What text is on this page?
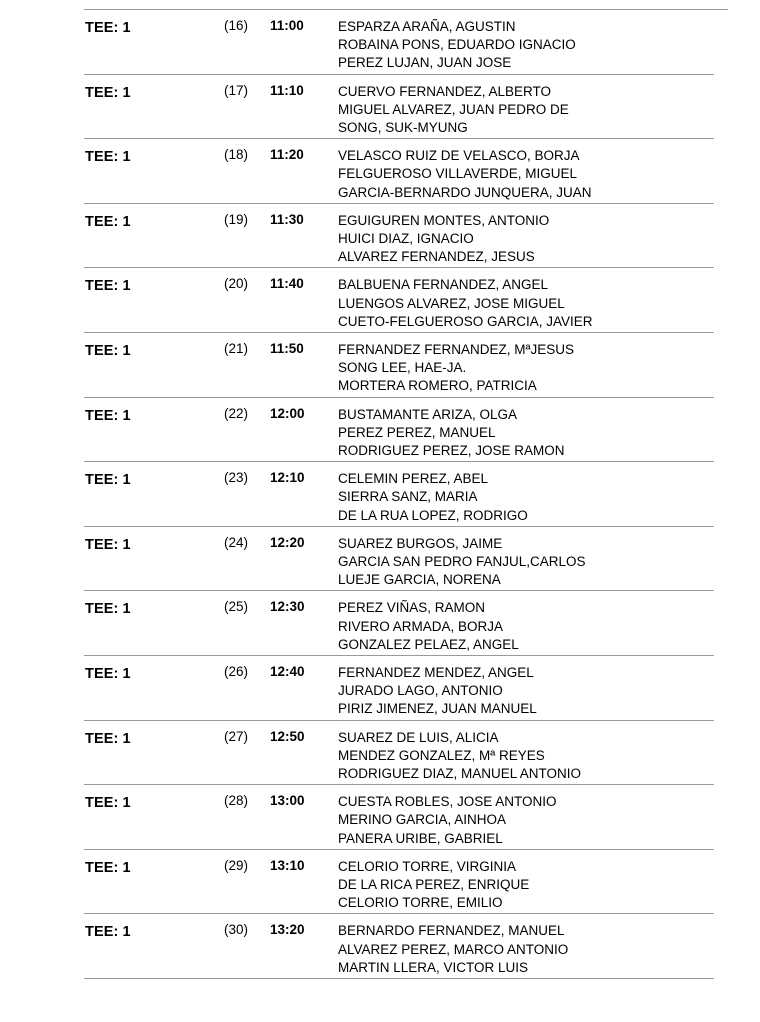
TEE: 1	(16) 11:00	ESPARZA ARAÑA, AGUSTIN
ROBAINA PONS, EDUARDO IGNACIO
PEREZ LUJAN, JUAN JOSE
TEE: 1	(17) 11:10	CUERVO FERNANDEZ, ALBERTO
MIGUEL ALVAREZ, JUAN PEDRO DE
SONG, SUK-MYUNG
TEE: 1	(18) 11:20	VELASCO RUIZ DE VELASCO, BORJA
FELGUEROSO VILLAVERDE, MIGUEL
GARCIA-BERNARDO JUNQUERA, JUAN
TEE: 1	(19) 11:30	EGUIGUREN MONTES, ANTONIO
HUICI DIAZ, IGNACIO
ALVAREZ FERNANDEZ, JESUS
TEE: 1	(20) 11:40	BALBUENA FERNANDEZ, ANGEL
LUENGOS ALVAREZ, JOSE MIGUEL
CUETO-FELGUEROSO GARCIA, JAVIER
TEE: 1	(21) 11:50	FERNANDEZ FERNANDEZ, MªJESUS
SONG LEE, HAE-JA.
MORTERA ROMERO, PATRICIA
TEE: 1	(22) 12:00 BUSTAMANTE ARIZA, OLGA
PEREZ PEREZ, MANUEL
RODRIGUEZ PEREZ, JOSE RAMON
TEE: 1	(23) 12:10 CELEMIN PEREZ, ABEL
SIERRA SANZ, MARIA
DE LA RUA LOPEZ, RODRIGO
TEE: 1	(24) 12:20 SUAREZ BURGOS, JAIME
GARCIA SAN PEDRO FANJUL,CARLOS
LUEJE GARCIA, NORENA
TEE: 1	(25) 12:30 PEREZ VIÑAS, RAMON
RIVERO ARMADA, BORJA
GONZALEZ PELAEZ, ANGEL
TEE: 1	(26) 12:40 FERNANDEZ MENDEZ, ANGEL
JURADO LAGO, ANTONIO
PIRIZ JIMENEZ, JUAN MANUEL
TEE: 1	(27) 12:50 SUAREZ DE LUIS, ALICIA
MENDEZ GONZALEZ, Mª REYES
RODRIGUEZ DIAZ, MANUEL ANTONIO
TEE: 1	(28) 13:00 CUESTA ROBLES, JOSE ANTONIO
MERINO GARCIA, AINHOA
PANERA URIBE, GABRIEL
TEE: 1	(29) 13:10 CELORIO TORRE, VIRGINIA
DE LA RICA PEREZ, ENRIQUE
CELORIO TORRE, EMILIO
TEE: 1	(30) 13:20 BERNARDO FERNANDEZ, MANUEL
ALVAREZ PEREZ, MARCO ANTONIO
MARTIN LLERA, VICTOR LUIS
